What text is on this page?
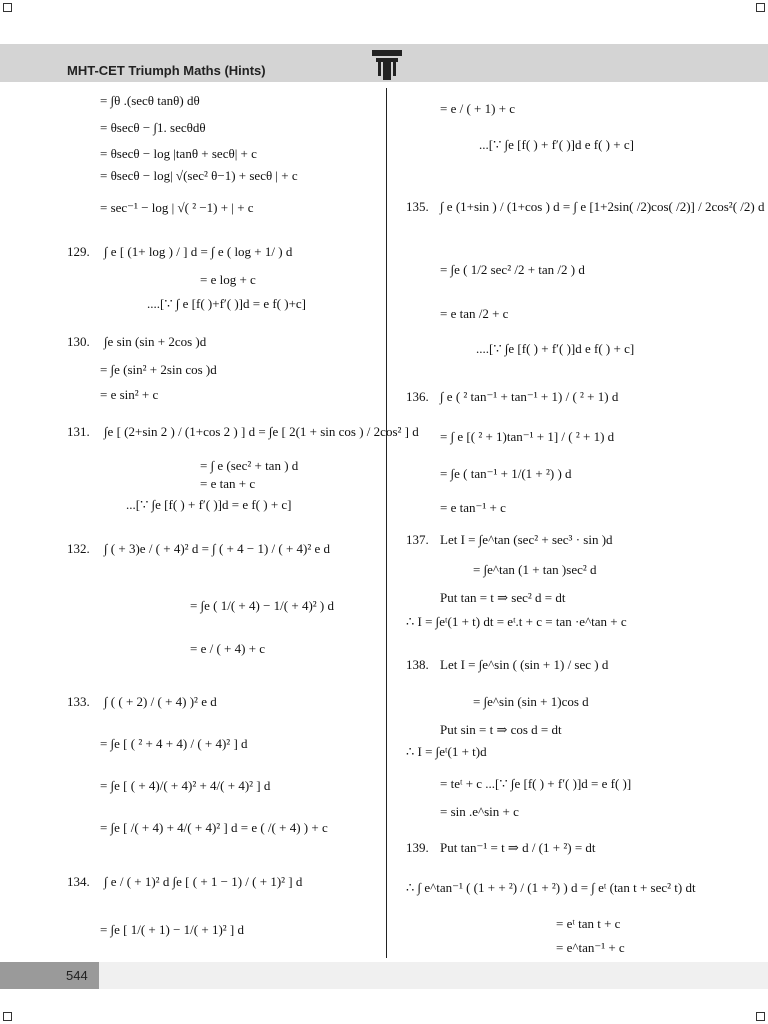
MHT-CET Triumph Maths (Hints)
= ∫θ .(secθ tanθ) dθ
= θsecθ − ∫1. secθdθ
= θsecθ − log |tanθ + secθ| + c
= θsecθ − log| √(sec² θ−1) + secθ | + c
= sec⁻¹ − log | √( ² −1) + | + c
129. ∫ e [ (1+ log ) / ] d = ∫ e ( log + 1/ ) d
= e log + c
....[∵ ∫ e [f( )+f′( )]d = e f( )+c]
130. ∫e sin (sin + 2cos )d
= ∫e (sin² + 2sin cos )d
= e sin² + c
131. ∫e [ (2+sin 2 ) / (1+cos 2 ) ] d = ∫e [ 2(1 + sin cos ) / 2cos² ] d
= ∫ e (sec² + tan ) d
= e tan + c
...[∵ ∫e [f( ) + f′( )]d = e f( ) + c]
132. ∫ ( + 3)e / ( + 4)² d = ∫ ( + 4 − 1) / ( + 4)² e d
= ∫e ( 1/( + 4) − 1/( + 4)² ) d
= e / ( + 4) + c
133. ∫ ( ( + 2) / ( + 4) )² e d
= ∫e [ ( ² + 4 + 4) / ( + 4)² ] d
= ∫e [ ( + 4)/( + 4)² + 4/( + 4)² ] d
= ∫e [ /( + 4) + 4/( + 4)² ] d = e ( /( + 4) ) + c
134. ∫ e / ( + 1)² d ∫e [ ( + 1 − 1) / ( + 1)² ] d
= ∫e [ 1/( + 1) − 1/( + 1)² ] d
= e / ( + 1) + c
...[∵ ∫e [f( ) + f′( )]d e f( ) + c]
135. ∫ e (1+sin ) / (1+cos ) d = ∫ e [1+2sin( /2)cos( /2)] / 2cos²( /2) d
= ∫e ( 1/2 sec² /2 + tan /2 ) d
= e tan /2 + c
....[∵ ∫e [f( ) + f′( )]d e f( ) + c]
136. ∫ e ( ² tan⁻¹ + tan⁻¹ + 1) / ( ² + 1) d
= ∫ e [( ² + 1)tan⁻¹ + 1] / ( ² + 1) d
= ∫e ( tan⁻¹ + 1/(1 + ²) ) d
= e tan⁻¹ + c
137. Let I = ∫e^tan (sec² + sec³ · sin )d
= ∫e^tan (1 + tan )sec² d
Put tan = t ⇒ sec² d = dt
∴ I = ∫eᵗ(1 + t) dt = eᵗ.t + c = tan ·e^tan + c
138. Let I = ∫e^sin ( (sin + 1) / sec ) d
= ∫e^sin (sin + 1)cos d
Put sin = t ⇒ cos d = dt
∴ I = ∫eᵗ(1 + t)d
= teᵗ + c ...[∵ ∫e [f( ) + f′( )]d = e f( )]
= sin .e^sin + c
139. Put tan⁻¹ = t ⇒ d / (1 + ²) = dt
∴ ∫ e^tan⁻¹ ( (1 + + ²) / (1 + ²) ) d = ∫ eᵗ (tan t + sec² t) dt
= eᵗ tan t + c
= e^tan⁻¹ + c
544
